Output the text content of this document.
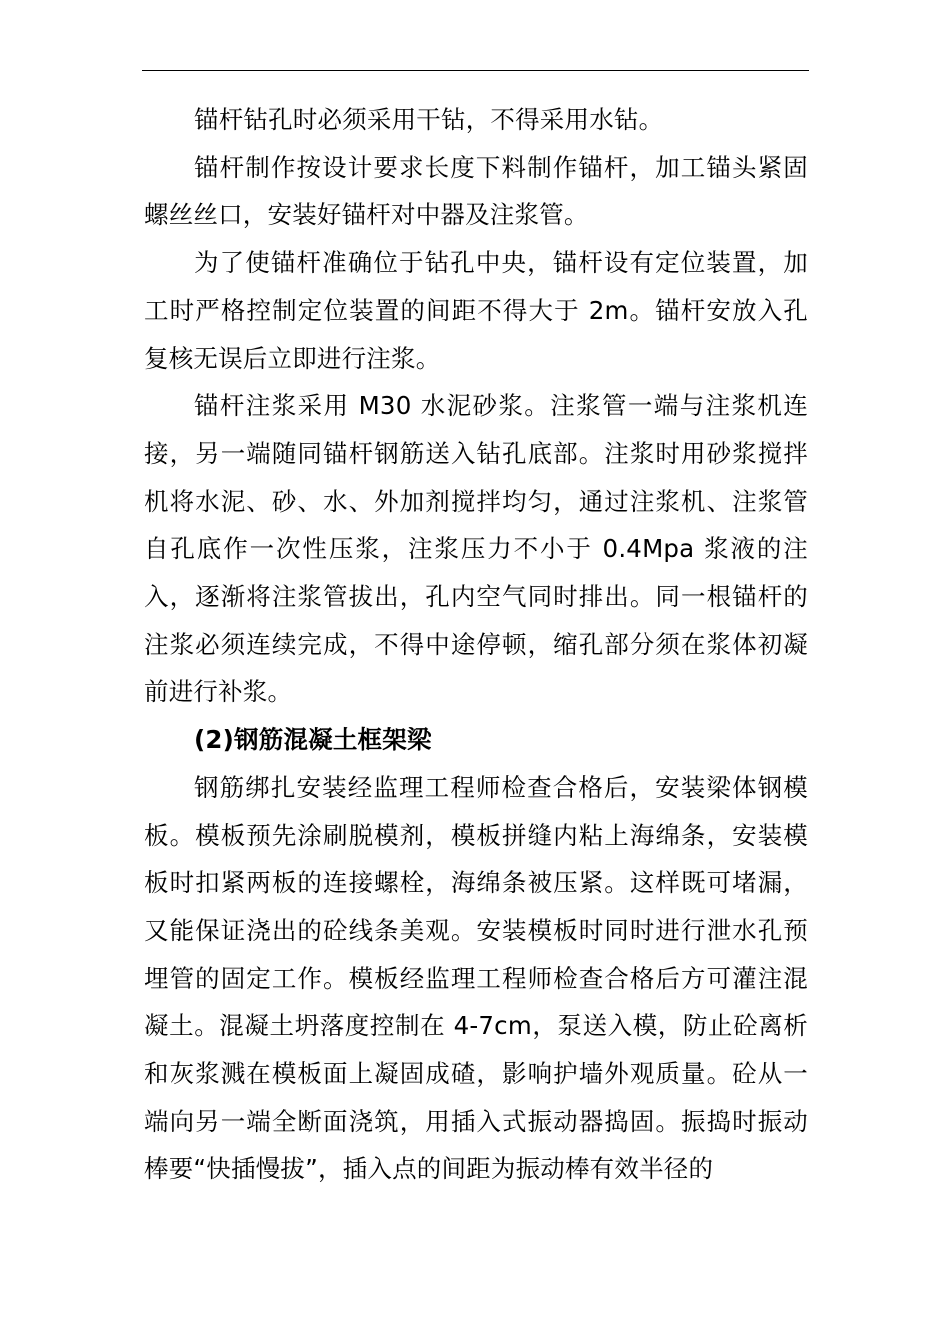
锚杆钻孔时必须采用干钻，不得采用水钻。

锚杆制作按设计要求长度下料制作锚杆，加工锚头紧固螺丝丝口，安装好锚杆对中器及注浆管。

为了使锚杆准确位于钻孔中央，锚杆设有定位装置，加工时严格控制定位装置的间距不得大于 2m。锚杆安放入孔复核无误后立即进行注浆。

锚杆注浆采用 M30 水泥砂浆。注浆管一端与注浆机连接，另一端随同锚杆钢筋送入钻孔底部。注浆时用砂浆搅拌机将水泥、砂、水、外加剂搅拌均匀，通过注浆机、注浆管自孔底作一次性压浆，注浆压力不小于 0.4Mpa 浆液的注入，逐渐将注浆管拔出，孔内空气同时排出。同一根锚杆的注浆必须连续完成，不得中途停顿，缩孔部分须在浆体初凝前进行补浆。

(2)钢筋混凝土框架梁

钢筋绑扎安装经监理工程师检查合格后，安装梁体钢模板。模板预先涂刷脱模剂，模板拼缝内粘上海绵条，安装模板时扣紧两板的连接螺栓，海绵条被压紧。这样既可堵漏，又能保证浇出的砼线条美观。安装模板时同时进行泄水孔预埋管的固定工作。模板经监理工程师检查合格后方可灌注混凝土。混凝土坍落度控制在 4-7cm，泵送入模，防止砼离析和灰浆溅在模板面上凝固成碴，影响护墙外观质量。砼从一端向另一端全断面浇筑，用插入式振动器捣固。振捣时振动棒要“快插慢拔”，插入点的间距为振动棒有效半径的
